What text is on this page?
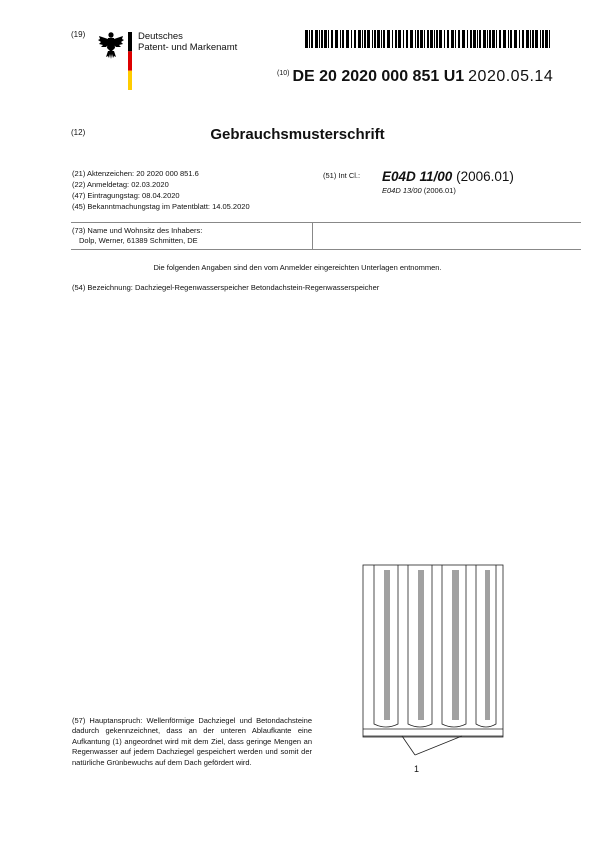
(19)	Deutsches
Patent- und Markenamt
$^{(10)}$ DE 20 2020 000 851 U1 2020.05.14
(12)	Gebrauchsmusterschrift
(21) Aktenzeichen: 20 2020 000 851.6
(22) Anmeldetag: 02.03.2020
(47) Eintragungstag: 08.04.2020
(45) Bekanntmachungstag im Patentblatt: 14.05.2020
(51) Int Cl.: E04D 11/00 (2006.01)
E04D 13/00 (2006.01)
(73) Name und Wohnsitz des Inhabers:
Dolp, Werner, 61389 Schmitten, DE
Die folgenden Angaben sind den vom Anmelder eingereichten Unterlagen entnommen.
(54) Bezeichnung: Dachziegel-Regenwasserspeicher Betondachstein-Regenwasserspeicher
(57) Hauptanspruch: Wellenförmige Dachziegel und Betondachsteine dadurch gekennzeichnet, dass an der unteren Ablaufkante eine Aufkantung (1) angeordnet wird mit dem Ziel, dass geringe Mengen an Regenwasser auf jedem Dachziegel gespeichert werden und somit der natürliche Grünbewuchs auf dem Dach gefördert wird.
1
